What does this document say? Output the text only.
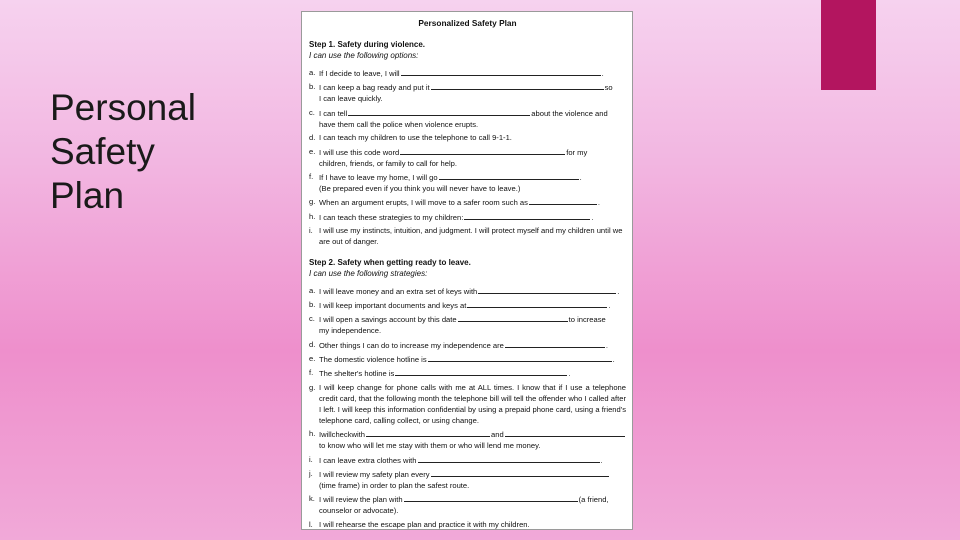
Personal
Safety
Plan
Personalized Safety Plan
Step 1. Safety during violence.
I can use the following options:
a. If I decide to leave, I will	.
b. I can keep a bag ready and put it	so
I can leave quickly.
c. I can tell	about the violence and
have them call the police when violence erupts.
d. I can teach my children to use the telephone to call 9-1-1.
e. I will use this code word	for my
children, friends, or family to call for help.
f. If I have to leave my home, I will go	.
(Be prepared even if you think you will never have to leave.)
g. When an argument erupts, I will move to a safer room such as	.
h. I can teach these strategies to my children:	.
i. I will use my instincts, intuition, and judgment. I will protect myself and my children until we are out of danger.
Step 2. Safety when getting ready to leave.
I can use the following strategies:
a. I will leave money and an extra set of keys with	.
b. I will keep important documents and keys at	.
c. I will open a savings account by this date	to increase
my independence.
d. Other things I can do to increase my independence are	.
e. The domestic violence hotline is	.
f. The shelter's hotline is	.
g. I will keep change for phone calls with me at ALL times. I know that if I use a telephone credit card, that the following month the telephone bill will tell the offender who I called after I left. I will keep this information confidential by using a prepaid phone card, using a friend's telephone card, calling collect, or using change.
h. Iwillcheckwith	and
to know who will let me stay with them or who will lend me money.
i. I can leave extra clothes with	.
j. I will review my safety plan every
(time frame) in order to plan the safest route.
k. I will review the plan with	(a friend,
counselor or advocate).
l. I will rehearse the escape plan and practice it with my children.
